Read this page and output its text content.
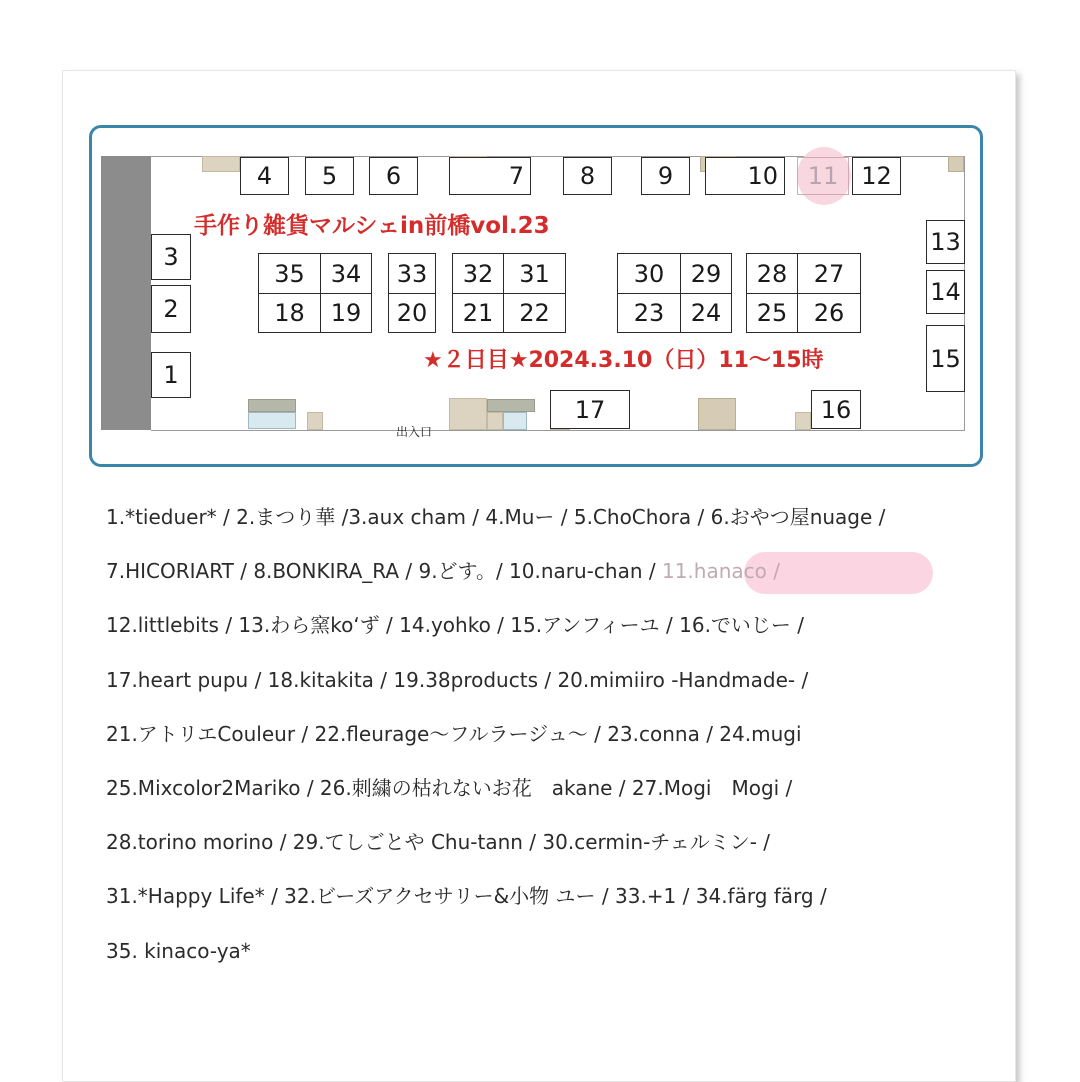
4	5	6	7	8	9	10	11 12
3
2
1
13
14
15
35	34	33	32	31	30	29	28	27
18	19	20	21	22	23	24	25	26
17	16
手作り雑貨マルシェin前橋vol.23
★２日目★2024.3.10（日）11～15時
出入口
1.*tieduer* / 2.まつり華 /3.aux cham / 4.Muー / 5.ChoChora / 6.おやつ屋nuage /
7.HICORIART / 8.BONKIRA_RA / 9.どす。/ 10.naru-chan / 11.hanaco /
12.littlebits / 13.わら窯ko‘ず / 14.yohko / 15.アンフィーユ / 16.でいじー /
17.heart pupu / 18.kitakita / 19.38products / 20.mimiiro -Handmade- /
21.アトリエCouleur / 22.fleurage～フルラージュ～ / 23.conna / 24.mugi
25.Mixcolor2Mariko / 26.刺繍の枯れないお花　akane / 27.Mogi　Mogi /
28.torino morino / 29.てしごとや Chu-tann / 30.cermin-チェルミン- /
31.*Happy Life* / 32.ビーズアクセサリー&小物 ユー / 33.+1 / 34.färg färg /
35. kinaco-ya*
